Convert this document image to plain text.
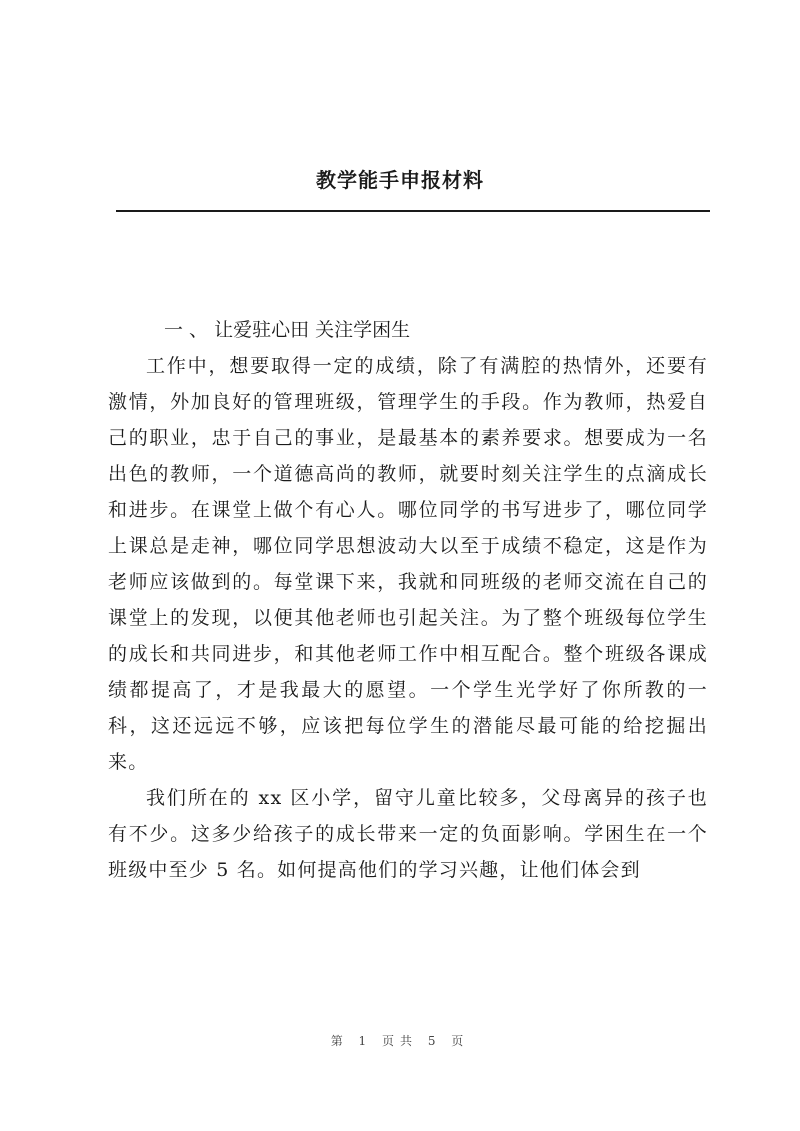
教学能手申报材料
一 、 让爱驻心田 关注学困生

工作中，想要取得一定的成绩，除了有满腔的热情外，还要有激情，外加良好的管理班级，管理学生的手段。作为教师，热爱自己的职业，忠于自己的事业，是最基本的素养要求。想要成为一名出色的教师，一个道德高尚的教师，就要时刻关注学生的点滴成长和进步。在课堂上做个有心人。哪位同学的书写进步了，哪位同学上课总是走神，哪位同学思想波动大以至于成绩不稳定，这是作为老师应该做到的。每堂课下来，我就和同班级的老师交流在自己的课堂上的发现，以便其他老师也引起关注。为了整个班级每位学生的成长和共同进步，和其他老师工作中相互配合。整个班级各课成绩都提高了，才是我最大的愿望。一个学生光学好了你所教的一科，这还远远不够，应该把每位学生的潜能尽最可能的给挖掘出来。

我们所在的 xx 区小学，留守儿童比较多，父母离异的孩子也有不少。这多少给孩子的成长带来一定的负面影响。学困生在一个班级中至少 5 名。如何提高他们的学习兴趣，让他们体会到

第 1 页共 5 页
